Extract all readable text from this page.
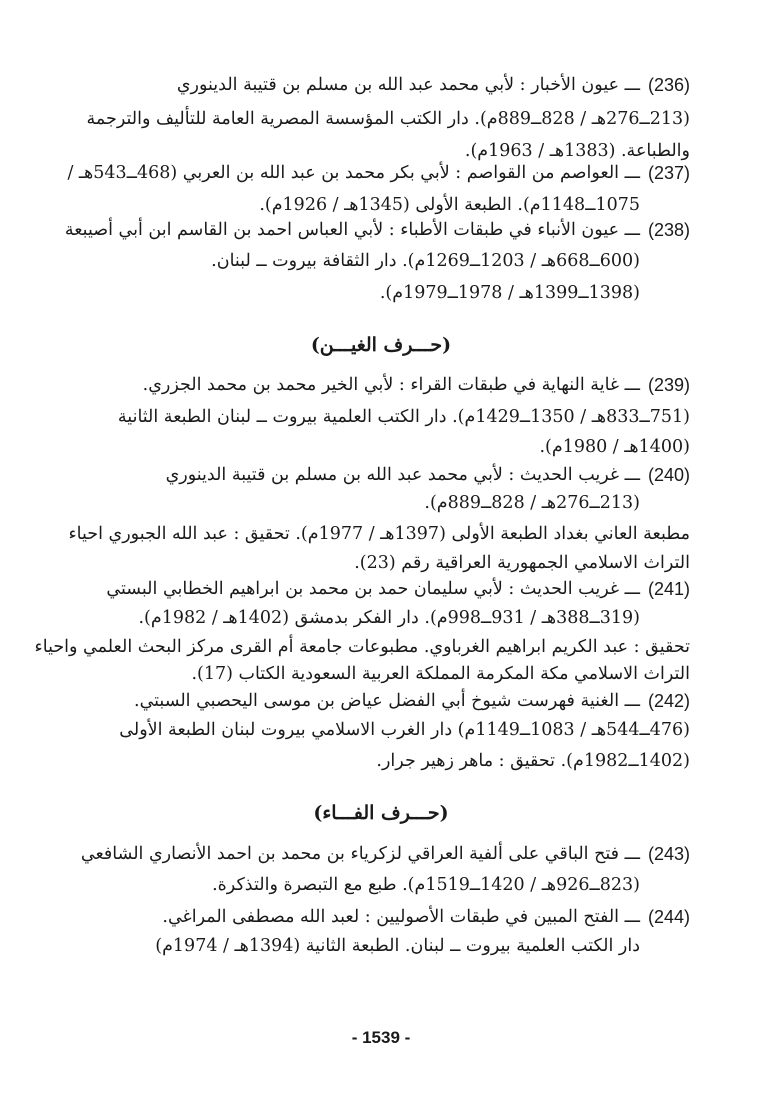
(236)
ـــ عيون الأخبار : لأبي محمد عبد الله بن مسلم بن قتيبة الدينوري
(213ــ276هـ / 828ــ889م). دار الكتب المؤسسة المصرية العامة للتأليف والترجمة
والطباعة. (1383هـ / 1963م).
(237)
ـــ العواصم من القواصم : لأبي بكر محمد بن عبد الله بن العربي (468ــ543هـ /
1075ــ1148م). الطبعة الأولى (1345هـ / 1926م).
(238)
ـــ عيون الأنباء في طبقات الأطباء : لأبي العباس احمد بن القاسم ابن أبي أصيبعة
(600ــ668هـ / 1203ــ1269م). دار الثقافة بيروت ــ لبنان.
(1398ــ1399هـ / 1978ــ1979م).
(حـــرف الغيـــن)
(239)
ـــ غاية النهاية في طبقات القراء : لأبي الخير محمد بن محمد الجزري.
(751ــ833هـ / 1350ــ1429م). دار الكتب العلمية بيروت ــ لبنان الطبعة الثانية
(1400هـ / 1980م).
(240)
ـــ غريب الحديث : لأبي محمد عبد الله بن مسلم بن قتيبة الدينوري
(213ــ276هـ / 828ــ889م).
مطبعة العاني بغداد الطبعة الأولى (1397هـ / 1977م). تحقيق : عبد الله الجبوري احياء
التراث الاسلامي الجمهورية العراقية رقم (23).
(241)
ـــ غريب الحديث : لأبي سليمان حمد بن محمد بن ابراهيم الخطابي البستي
(319ــ388هـ / 931ــ998م). دار الفكر بدمشق (1402هـ / 1982م).
تحقيق : عبد الكريم ابراهيم الغرباوي. مطبوعات جامعة أم القرى مركز البحث العلمي واحياء
التراث الاسلامي مكة المكرمة المملكة العربية السعودية الكتاب (17).
(242)
ـــ الغنية فهرست شيوخ أبي الفضل عياض بن موسى اليحصبي السبتي.
(476ــ544هـ / 1083ــ1149م) دار الغرب الاسلامي بيروت لبنان الطبعة الأولى
(1402ــ1982م). تحقيق : ماهر زهير جرار.
(حـــرف الفـــاء)
(243)
ـــ فتح الباقي على ألفية العراقي لزكرياء بن محمد بن احمد الأنصاري الشافعي
(823ــ926هـ / 1420ــ1519م). طبع مع التبصرة والتذكرة.
(244)
ـــ الفتح المبين في طبقات الأصوليين : لعبد الله مصطفى المراغي.
دار الكتب العلمية بيروت ــ لبنان. الطبعة الثانية (1394هـ / 1974م)
- 1539 -
